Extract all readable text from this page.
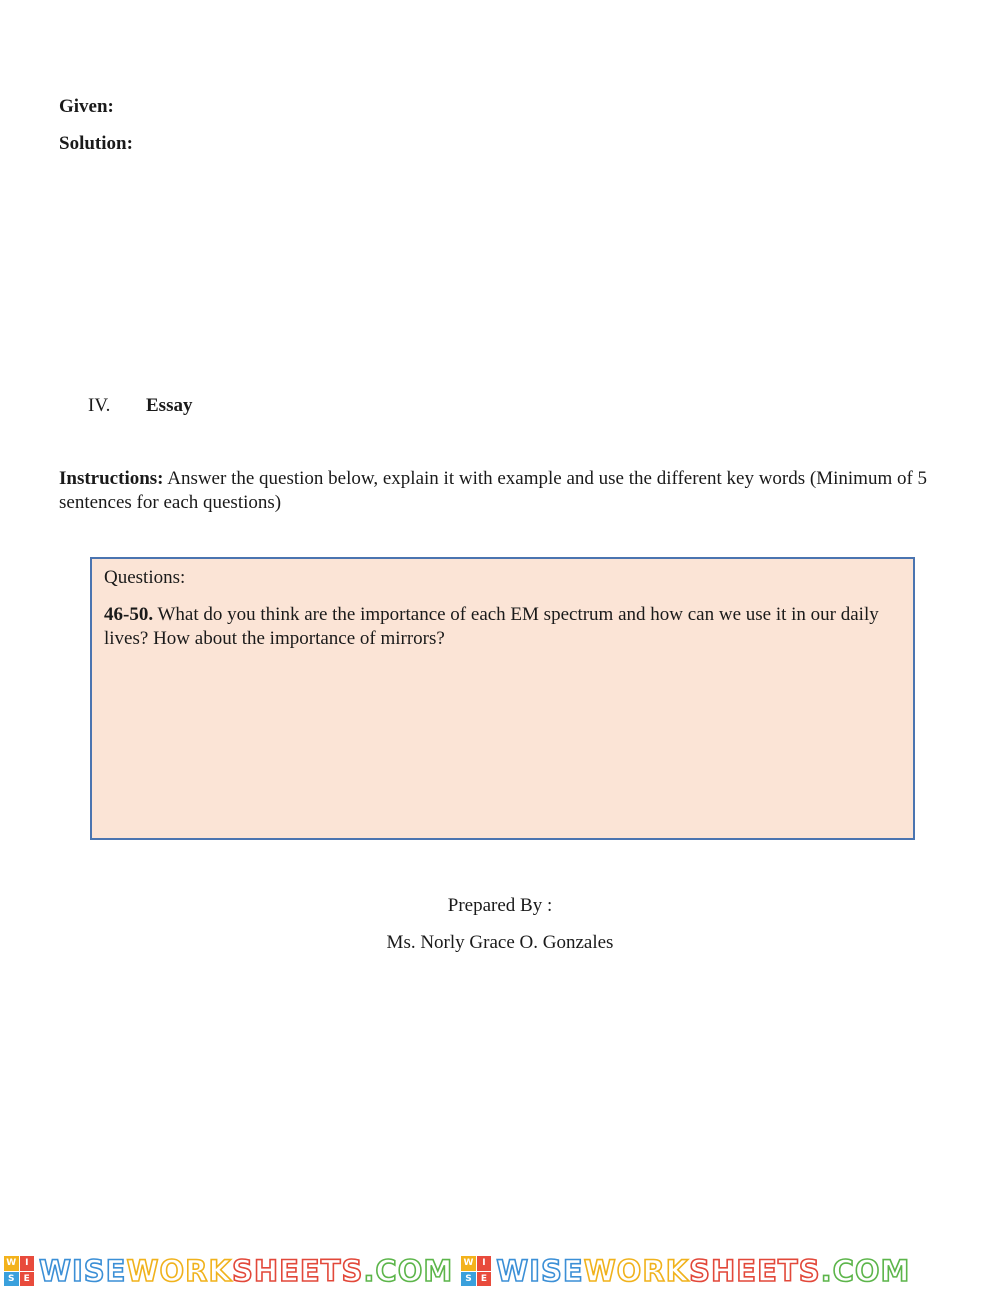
Given:
Solution:
IV.	Essay
Instructions: Answer the question below, explain it with example and use the different key words (Minimum of 5 sentences for each questions)

Questions:

46-50. What do you think are the importance of each EM spectrum and how can we use it in our daily lives? How about the importance of mirrors?

Prepared By :
Ms. Norly Grace O. Gonzales
W I
S	E WISEWORKSHEETS.COM W I
S	E WISEWORKSHEETS.COM
